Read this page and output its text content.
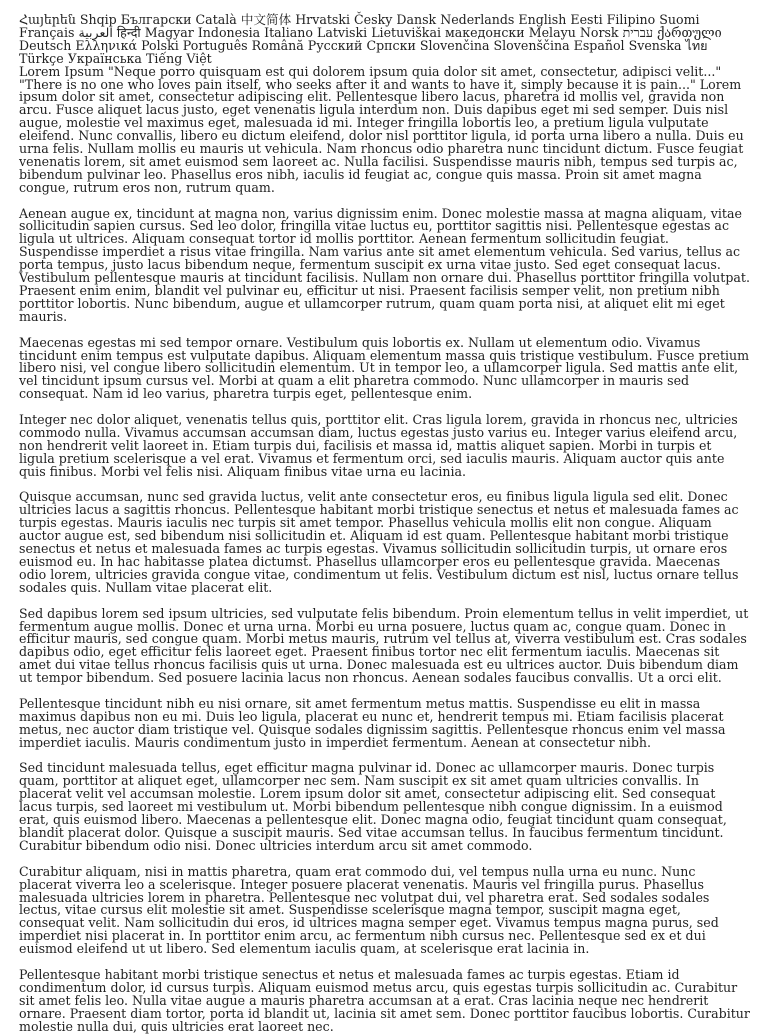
Հայերեն Shqip Български Català 中文简体 Hrvatski Česky Dansk Nederlands English Eesti Filipino Suomi Français العربية हिन्दी Magyar Indonesia Italiano Latviski Lietuviškai македонски Melayu Norsk עברית ქართული Deutsch Ελληνικά Polski Português Română Русский Српски Slovenčina Slovenščina Español Svenska ไทย Türkçe Українська Tiếng Việt

Lorem Ipsum "Neque porro quisquam est qui dolorem ipsum quia dolor sit amet, consectetur, adipisci velit..." "There is no one who loves pain itself, who seeks after it and wants to have it, simply because it is pain..." Lorem ipsum dolor sit amet, consectetur adipiscing elit. Pellentesque libero lacus, pharetra id mollis vel, gravida non arcu. Fusce aliquet lacus justo, eget venenatis ligula interdum non. Duis dapibus eget mi sed semper. Duis nisl augue, molestie vel maximus eget, malesuada id mi. Integer fringilla lobortis leo, a pretium ligula vulputate eleifend. Nunc convallis, libero eu dictum eleifend, dolor nisl porttitor ligula, id porta urna libero a nulla. Duis eu urna felis. Nullam mollis eu mauris ut vehicula. Nam rhoncus odio pharetra nunc tincidunt dictum. Fusce feugiat venenatis lorem, sit amet euismod sem laoreet ac. Nulla facilisi. Suspendisse mauris nibh, tempus sed turpis ac, bibendum pulvinar leo. Phasellus eros nibh, iaculis id feugiat ac, congue quis massa. Proin sit amet magna congue, rutrum eros non, rutrum quam.

Aenean augue ex, tincidunt at magna non, varius dignissim enim. Donec molestie massa at magna aliquam, vitae sollicitudin sapien cursus. Sed leo dolor, fringilla vitae luctus eu, porttitor sagittis nisi. Pellentesque egestas ac ligula ut ultrices. Aliquam consequat tortor id mollis porttitor. Aenean fermentum sollicitudin feugiat. Suspendisse imperdiet a risus vitae fringilla. Nam varius ante sit amet elementum vehicula. Sed varius, tellus ac porta tempus, justo lacus bibendum neque, fermentum suscipit ex urna vitae justo. Sed eget consequat lacus. Vestibulum pellentesque mauris at tincidunt facilisis. Nullam non ornare dui. Phasellus porttitor fringilla volutpat. Praesent enim enim, blandit vel pulvinar eu, efficitur ut nisi. Praesent facilisis semper velit, non pretium nibh porttitor lobortis. Nunc bibendum, augue et ullamcorper rutrum, quam quam porta nisi, at aliquet elit mi eget mauris.

Maecenas egestas mi sed tempor ornare. Vestibulum quis lobortis ex. Nullam ut elementum odio. Vivamus tincidunt enim tempus est vulputate dapibus. Aliquam elementum massa quis tristique vestibulum. Fusce pretium libero nisi, vel congue libero sollicitudin elementum. Ut in tempor leo, a ullamcorper ligula. Sed mattis ante elit, vel tincidunt ipsum cursus vel. Morbi at quam a elit pharetra commodo. Nunc ullamcorper in mauris sed consequat. Nam id leo varius, pharetra turpis eget, pellentesque enim.

Integer nec dolor aliquet, venenatis tellus quis, porttitor elit. Cras ligula lorem, gravida in rhoncus nec, ultricies commodo nulla. Vivamus accumsan accumsan diam, luctus egestas justo varius eu. Integer varius eleifend arcu, non hendrerit velit laoreet in. Etiam turpis dui, facilisis et massa id, mattis aliquet sapien. Morbi in turpis et ligula pretium scelerisque a vel erat. Vivamus et fermentum orci, sed iaculis mauris. Aliquam auctor quis ante quis finibus. Morbi vel felis nisi. Aliquam finibus vitae urna eu lacinia.

Quisque accumsan, nunc sed gravida luctus, velit ante consectetur eros, eu finibus ligula ligula sed elit. Donec ultricies lacus a sagittis rhoncus. Pellentesque habitant morbi tristique senectus et netus et malesuada fames ac turpis egestas. Mauris iaculis nec turpis sit amet tempor. Phasellus vehicula mollis elit non congue. Aliquam auctor augue est, sed bibendum nisi sollicitudin et. Aliquam id est quam. Pellentesque habitant morbi tristique senectus et netus et malesuada fames ac turpis egestas. Vivamus sollicitudin sollicitudin turpis, ut ornare eros euismod eu. In hac habitasse platea dictumst. Phasellus ullamcorper eros eu pellentesque gravida. Maecenas odio lorem, ultricies gravida congue vitae, condimentum ut felis. Vestibulum dictum est nisl, luctus ornare tellus sodales quis. Nullam vitae placerat elit.

Sed dapibus lorem sed ipsum ultricies, sed vulputate felis bibendum. Proin elementum tellus in velit imperdiet, ut fermentum augue mollis. Donec et urna urna. Morbi eu urna posuere, luctus quam ac, congue quam. Donec in efficitur mauris, sed congue quam. Morbi metus mauris, rutrum vel tellus at, viverra vestibulum est. Cras sodales dapibus odio, eget efficitur felis laoreet eget. Praesent finibus tortor nec elit fermentum iaculis. Maecenas sit amet dui vitae tellus rhoncus facilisis quis ut urna. Donec malesuada est eu ultrices auctor. Duis bibendum diam ut tempor bibendum. Sed posuere lacinia lacus non rhoncus. Aenean sodales faucibus convallis. Ut a orci elit.

Pellentesque tincidunt nibh eu nisi ornare, sit amet fermentum metus mattis. Suspendisse eu elit in massa maximus dapibus non eu mi. Duis leo ligula, placerat eu nunc et, hendrerit tempus mi. Etiam facilisis placerat metus, nec auctor diam tristique vel. Quisque sodales dignissim sagittis. Pellentesque rhoncus enim vel massa imperdiet iaculis. Mauris condimentum justo in imperdiet fermentum. Aenean at consectetur nibh.

Sed tincidunt malesuada tellus, eget efficitur magna pulvinar id. Donec ac ullamcorper mauris. Donec turpis quam, porttitor at aliquet eget, ullamcorper nec sem. Nam suscipit ex sit amet quam ultricies convallis. In placerat velit vel accumsan molestie. Lorem ipsum dolor sit amet, consectetur adipiscing elit. Sed consequat lacus turpis, sed laoreet mi vestibulum ut. Morbi bibendum pellentesque nibh congue dignissim. In a euismod erat, quis euismod libero. Maecenas a pellentesque elit. Donec magna odio, feugiat tincidunt quam consequat, blandit placerat dolor. Quisque a suscipit mauris. Sed vitae accumsan tellus. In faucibus fermentum tincidunt. Curabitur bibendum odio nisi. Donec ultricies interdum arcu sit amet commodo.

Curabitur aliquam, nisi in mattis pharetra, quam erat commodo dui, vel tempus nulla urna eu nunc. Nunc placerat viverra leo a scelerisque. Integer posuere placerat venenatis. Mauris vel fringilla purus. Phasellus malesuada ultricies lorem in pharetra. Pellentesque nec volutpat dui, vel pharetra erat. Sed sodales sodales lectus, vitae cursus elit molestie sit amet. Suspendisse scelerisque magna tempor, suscipit magna eget, consequat velit. Nam sollicitudin dui eros, id ultrices magna semper eget. Vivamus tempus magna purus, sed imperdiet nisi placerat in. In porttitor enim arcu, ac fermentum nibh cursus nec. Pellentesque sed ex et dui euismod eleifend ut ut libero. Sed elementum iaculis quam, at scelerisque erat lacinia in.

Pellentesque habitant morbi tristique senectus et netus et malesuada fames ac turpis egestas. Etiam id condimentum dolor, id cursus turpis. Aliquam euismod metus arcu, quis egestas turpis sollicitudin ac. Curabitur sit amet felis leo. Nulla vitae augue a mauris pharetra accumsan at a erat. Cras lacinia neque nec hendrerit ornare. Praesent diam tortor, porta id blandit ut, lacinia sit amet sem. Donec porttitor faucibus lobortis. Curabitur molestie nulla dui, quis ultricies erat laoreet nec.
